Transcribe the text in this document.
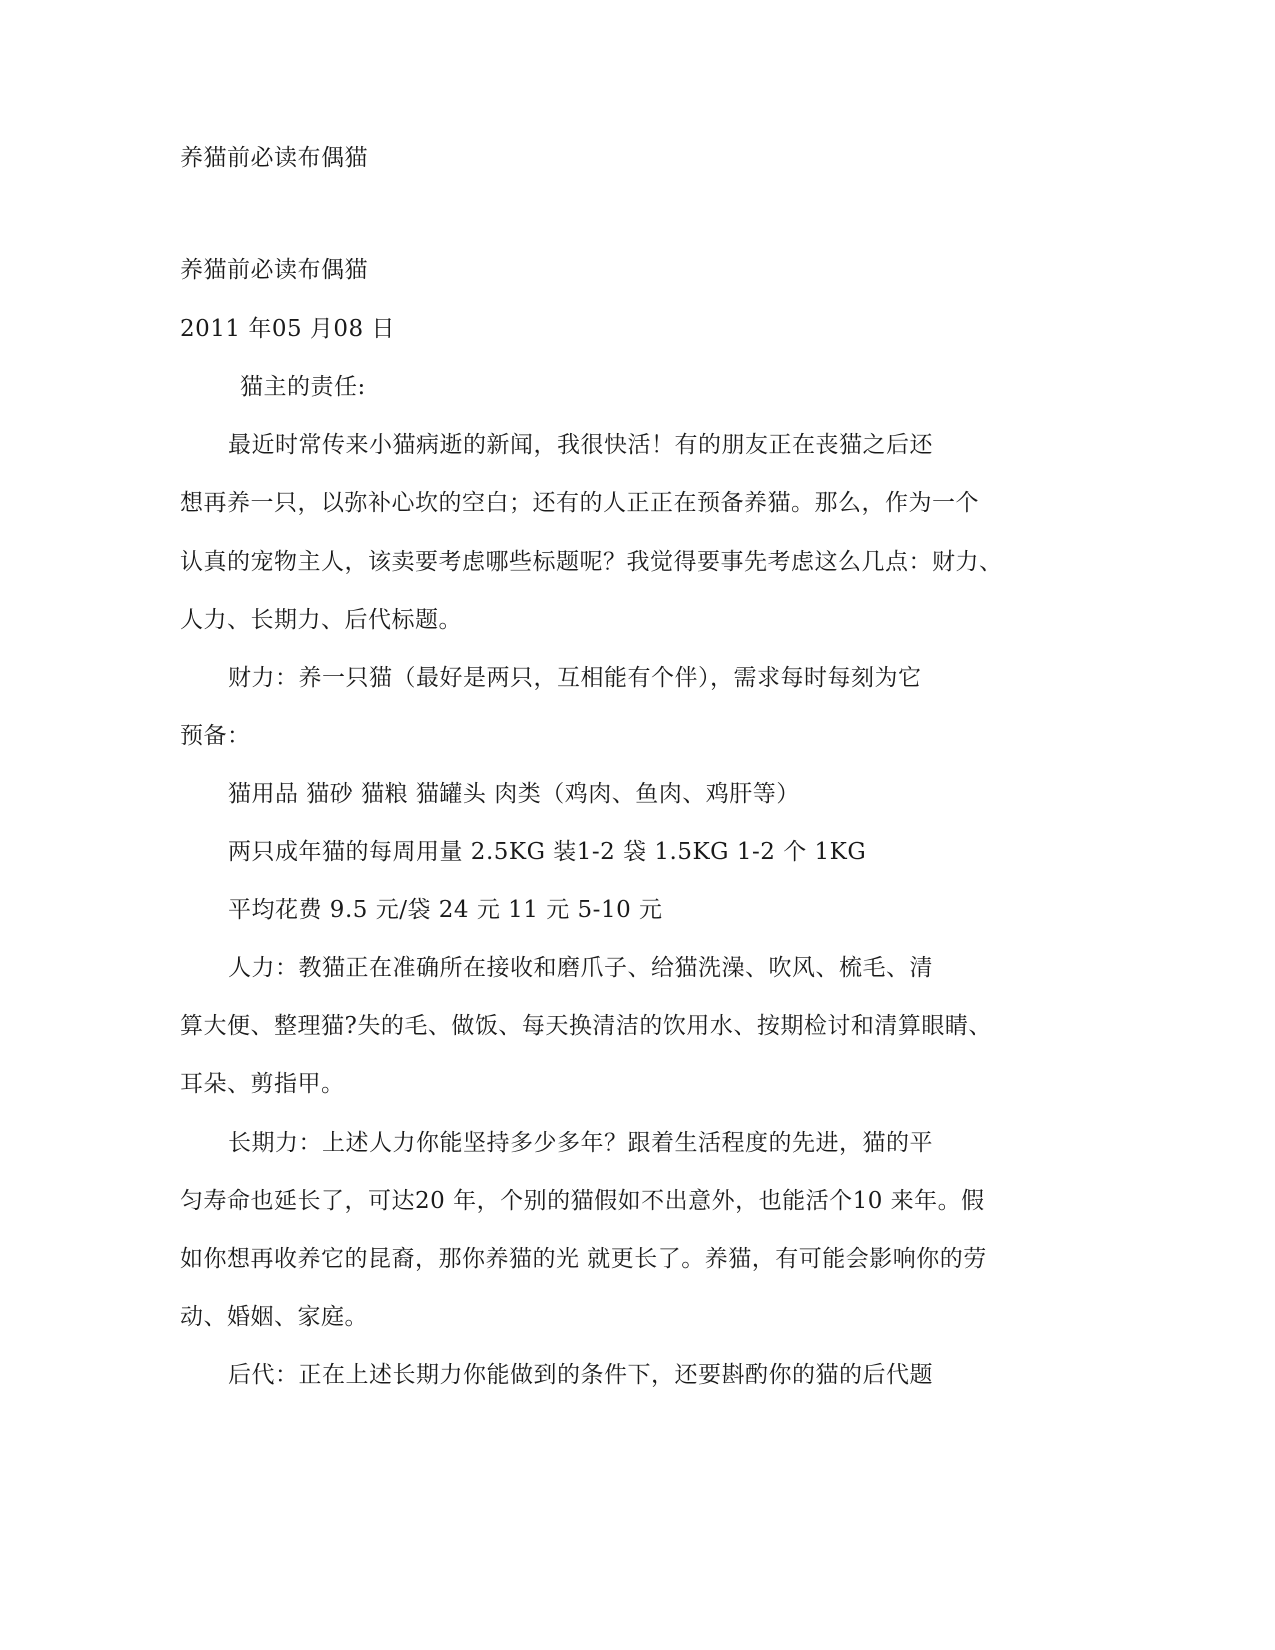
养猫前必读布偶猫
养猫前必读布偶猫
2011 年05 月08 日
猫主的责任:
最近时常传来小猫病逝的新闻，我很快活！有的朋友正在丧猫之后还
想再养一只，以弥补心坎的空白；还有的人正正在预备养猫。那么，作为一个
认真的宠物主人，该卖要考虑哪些标题呢？我觉得要事先考虑这么几点：财力、
人力、长期力、后代标题。
财力：养一只猫（最好是两只，互相能有个伴），需求每时每刻为它
预备：
猫用品 猫砂 猫粮 猫罐头 肉类（鸡肉、鱼肉、鸡肝等）
两只成年猫的每周用量 2.5KG 装1-2 袋 1.5KG 1-2 个 1KG
平均花费 9.5 元/袋 24 元 11 元 5-10 元
人力：教猫正在准确所在接收和磨爪子、给猫洗澡、吹风、梳毛、清
算大便、整理猫?失的毛、做饭、每天换清洁的饮用水、按期检讨和清算眼睛、
耳朵、剪指甲。
长期力：上述人力你能坚持多少多年？跟着生活程度的先进，猫的平
匀寿命也延长了，可达20 年，个别的猫假如不出意外，也能活个10 来年。假
如你想再收养它的昆裔，那你养猫的光 就更长了。养猫，有可能会影响你的劳
动、婚姻、家庭。
后代：正在上述长期力你能做到的条件下，还要斟酌你的猫的后代题
